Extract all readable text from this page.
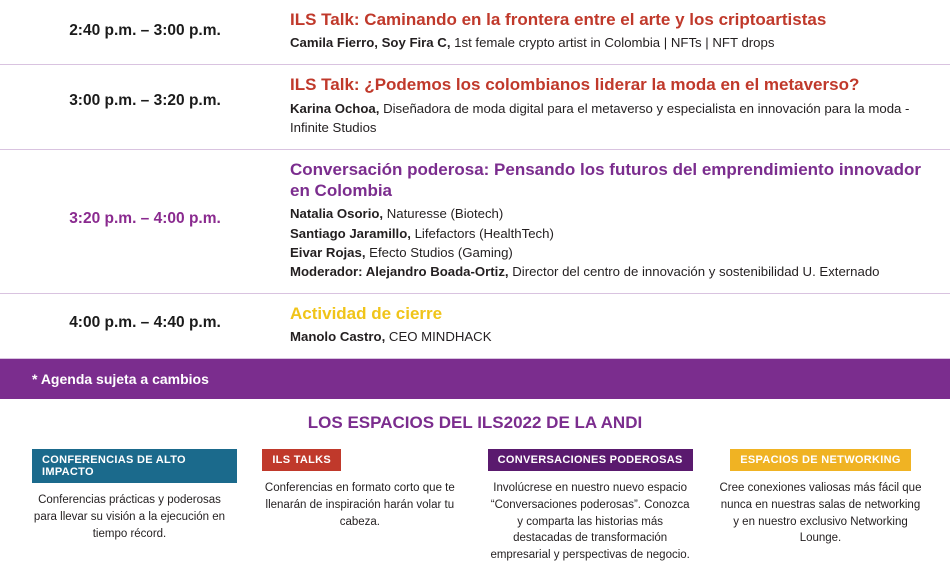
2:40 p.m. – 3:00 p.m.
ILS Talk: Caminando en la frontera entre el arte y los criptoartistas

Camila Fierro, Soy Fira C, 1st female crypto artist in Colombia | NFTs | NFT drops

3:00 p.m. – 3:20 p.m.
ILS Talk: ¿Podemos los colombianos liderar la moda en el metaverso?

Karina Ochoa, Diseñadora de moda digital para el metaverso y especialista en innovación para la moda - Infinite Studios

3:20 p.m. – 4:00 p.m.
Conversación poderosa: Pensando los futuros del emprendimiento innovador en Colombia

Natalia Osorio, Naturesse (Biotech)

Santiago Jaramillo, Lifefactors (HealthTech)

Eivar Rojas, Efecto Studios (Gaming)

Moderador: Alejandro Boada-Ortiz, Director del centro de innovación y sostenibilidad U. Externado

4:00 p.m. – 4:40 p.m.	Actividad de cierre

Manolo Castro, CEO MINDHACK

* Agenda sujeta a cambios
LOS ESPACIOS DEL ILS2022 DE LA ANDI
CONFERENCIAS DE ALTO IMPACTO
Conferencias prácticas y poderosas para llevar su visión a la ejecución en tiempo récord.
ILS TALKS
Conferencias en formato corto que te llenarán de inspiración harán volar tu cabeza.
CONVERSACIONES PODEROSAS
Involúcrese en nuestro nuevo espacio “Conversaciones poderosas”. Conozca y comparta las historias más destacadas de transformación empresarial y perspectivas de negocio.
ESPACIOS DE NETWORKING
Cree conexiones valiosas más fácil que nunca en nuestras salas de networking y en nuestro exclusivo Networking Lounge.
